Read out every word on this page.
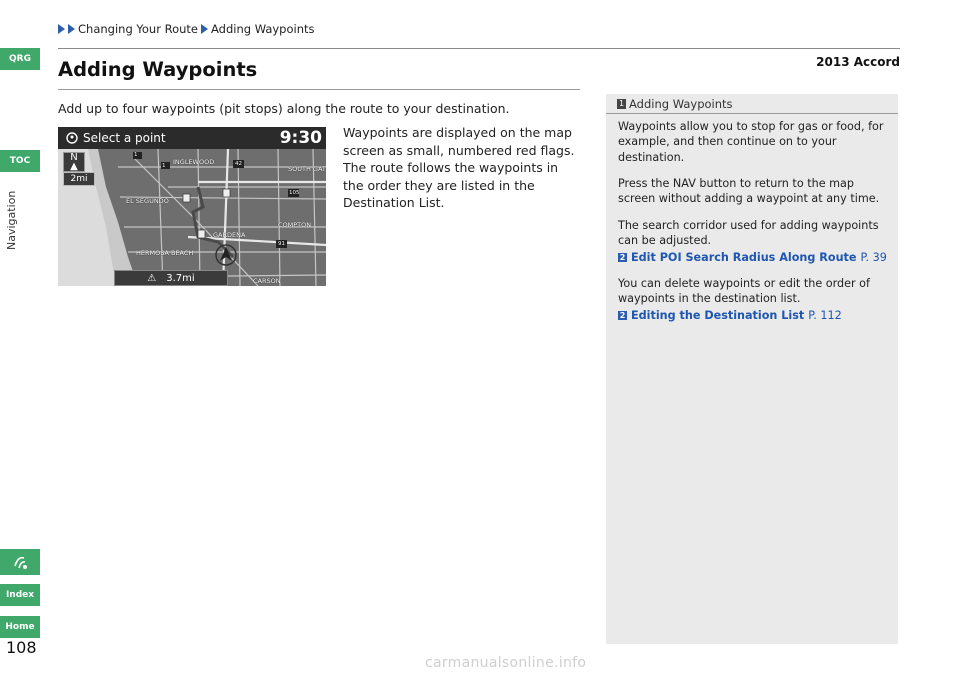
Changing Your Route Adding Waypoints
2013 Accord
Adding Waypoints
Add up to four waypoints (pit stops) along the route to your destination.
Select a point	9:30
N
▲
2mi
INGLEWOOD
EL SEGUNDO
GARDENA
COMPTON
HERMOSA BEACH
SOUTH GAT
CARSON
1
42
105
1
91
⚠ 3.7mi
Waypoints are displayed on the map
screen as small, numbered red flags.
The route follows the waypoints in
the order they are listed in the
Destination List.
1 Adding Waypoints
Waypoints allow you to stop for gas or food, for
example, and then continue on to your
destination.
Press the NAV button to return to the map
screen without adding a waypoint at any time.
The search corridor used for adding waypoints
can be adjusted.
2 Edit POI Search Radius Along Route P. 39
You can delete waypoints or edit the order of
waypoints in the destination list.
2 Editing the Destination List P. 112
QRG
TOC
Navigation
Index
Home
108
carmanualsonline.info
